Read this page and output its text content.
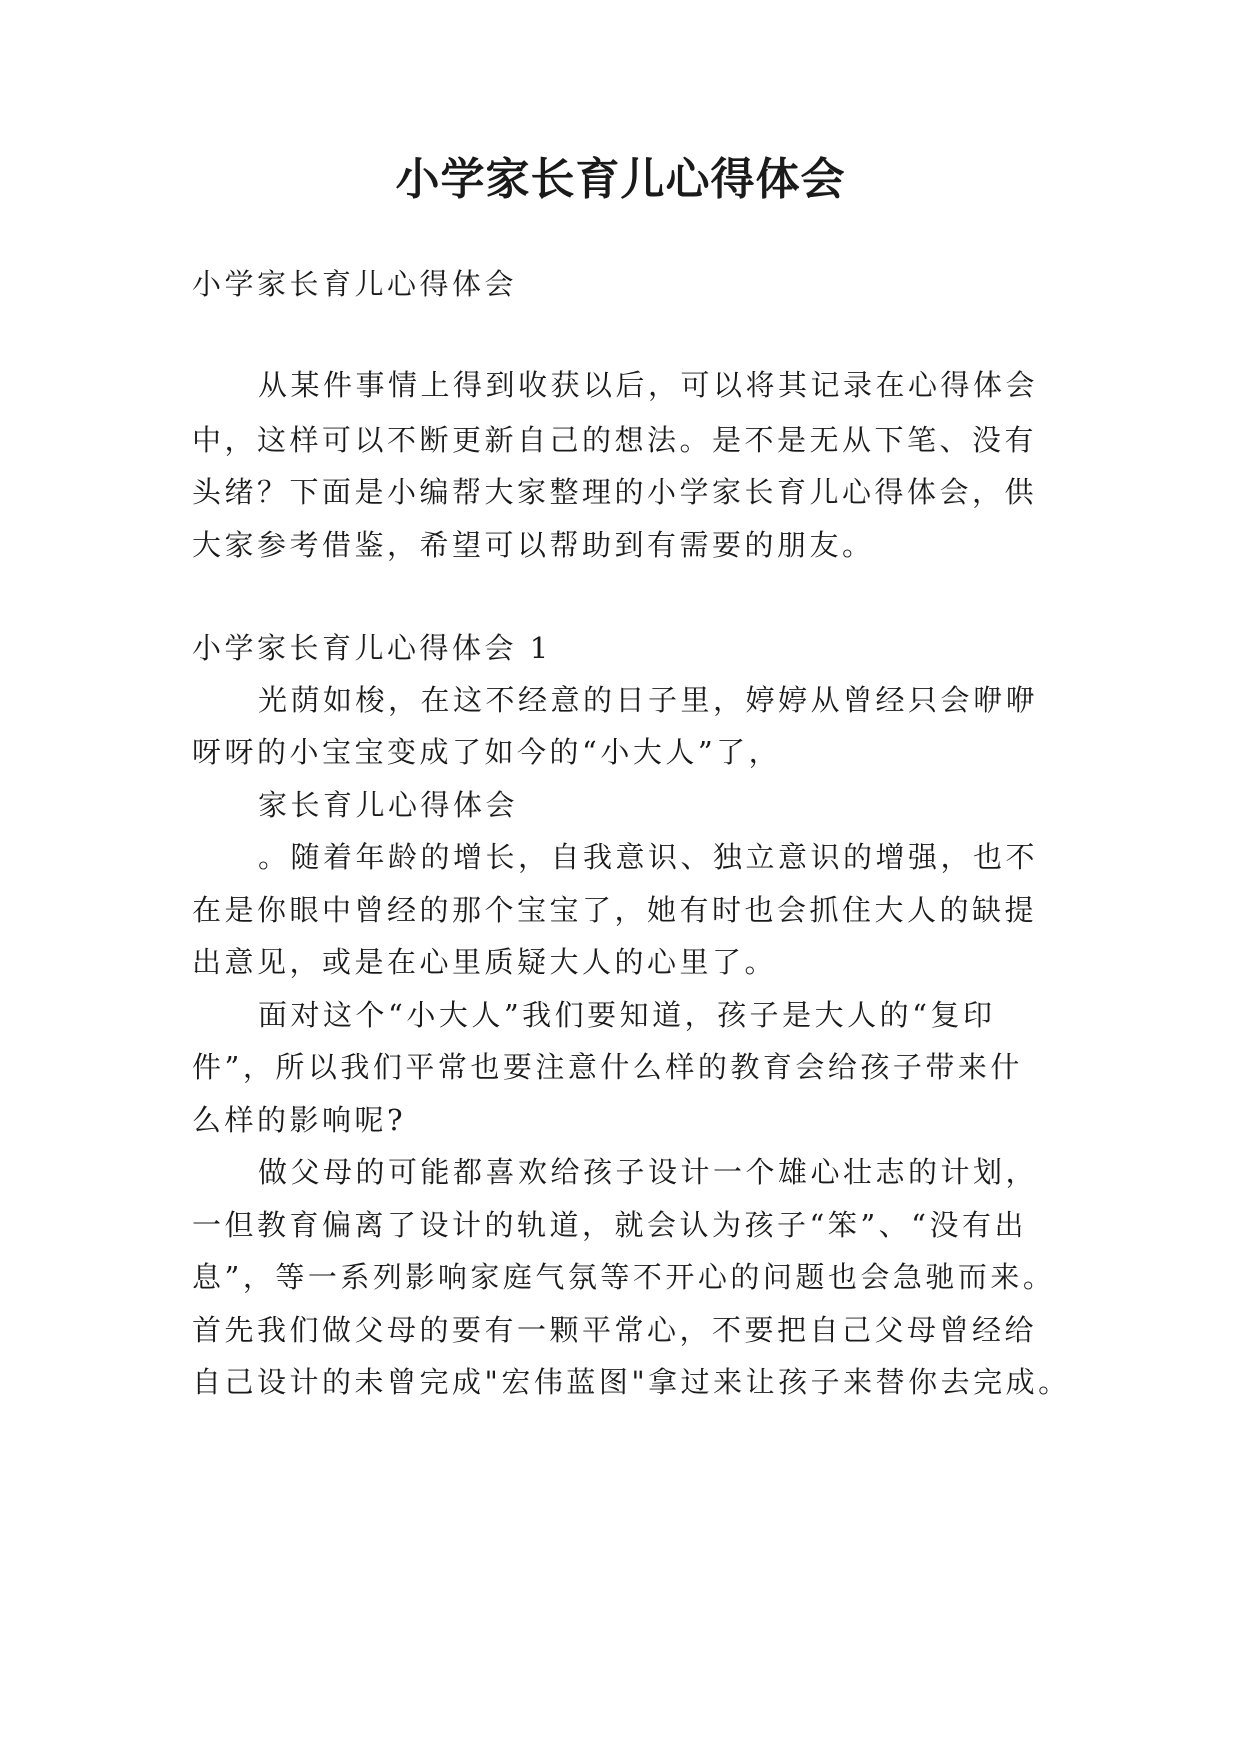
小学家长育儿心得体会
小学家长育儿心得体会
从某件事情上得到收获以后，可以将其记录在心得体会
中，这样可以不断更新自己的想法。是不是无从下笔、没有
头绪？下面是小编帮大家整理的小学家长育儿心得体会，供
大家参考借鉴，希望可以帮助到有需要的朋友。
小学家长育儿心得体会 1
光荫如梭，在这不经意的日子里，婷婷从曾经只会咿咿
呀呀的小宝宝变成了如今的“小大人”了，
家长育儿心得体会
。随着年龄的增长，自我意识、独立意识的增强，也不
在是你眼中曾经的那个宝宝了，她有时也会抓住大人的缺提
出意见，或是在心里质疑大人的心里了。
面对这个“小大人”我们要知道，孩子是大人的“复印
件”，所以我们平常也要注意什么样的教育会给孩子带来什
么样的影响呢?
做父母的可能都喜欢给孩子设计一个雄心壮志的计划，
一但教育偏离了设计的轨道，就会认为孩子“笨”、“没有出
息”，等一系列影响家庭气氛等不开心的问题也会急驰而来。
首先我们做父母的要有一颗平常心，不要把自己父母曾经给
自己设计的未曾完成"宏伟蓝图"拿过来让孩子来替你去完成。
